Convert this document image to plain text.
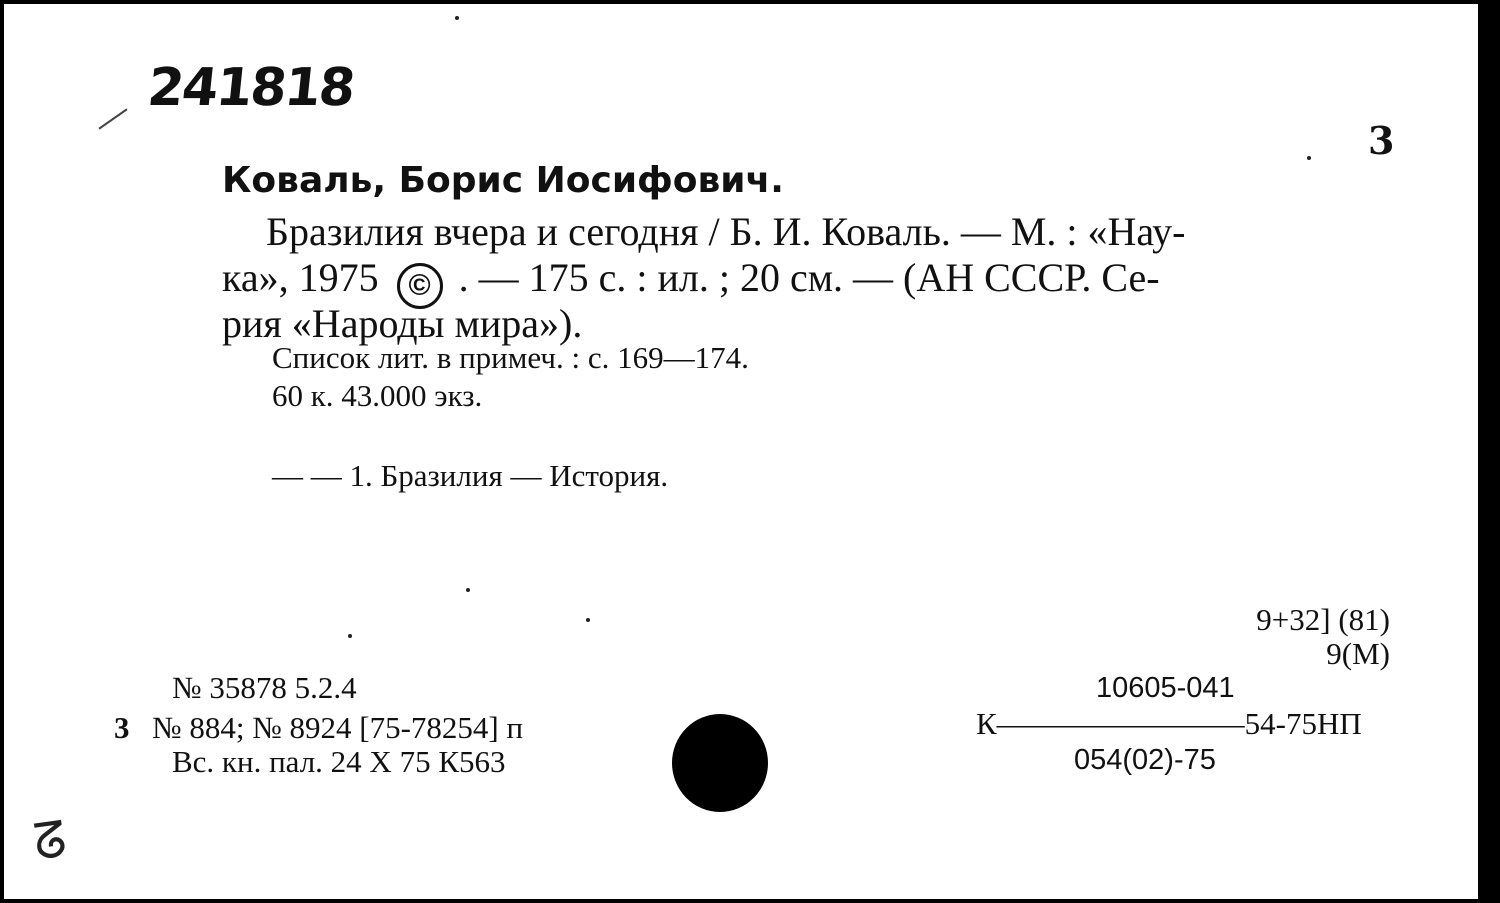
241818
3
Коваль, Борис Иосифович.
Бразилия вчера и сегодня / Б. И. Коваль. — М. : «Нау-
ка», 1975 © . — 175 с. : ил. ; 20 см. — (АН СССР. Се-
рия «Народы мира»).
Список лит. в примеч. : с. 169—174.
60 к. 43.000 экз.
— — 1. Бразилия — История.
№ 35878 5.2.4
3 № 884; № 8924 [75-78254] п
Вс. кн. пал. 24 X 75 К563
9+32] (81)
9(М)
10605-041
К————————54-75НП
054(02)-75
ᘔ
